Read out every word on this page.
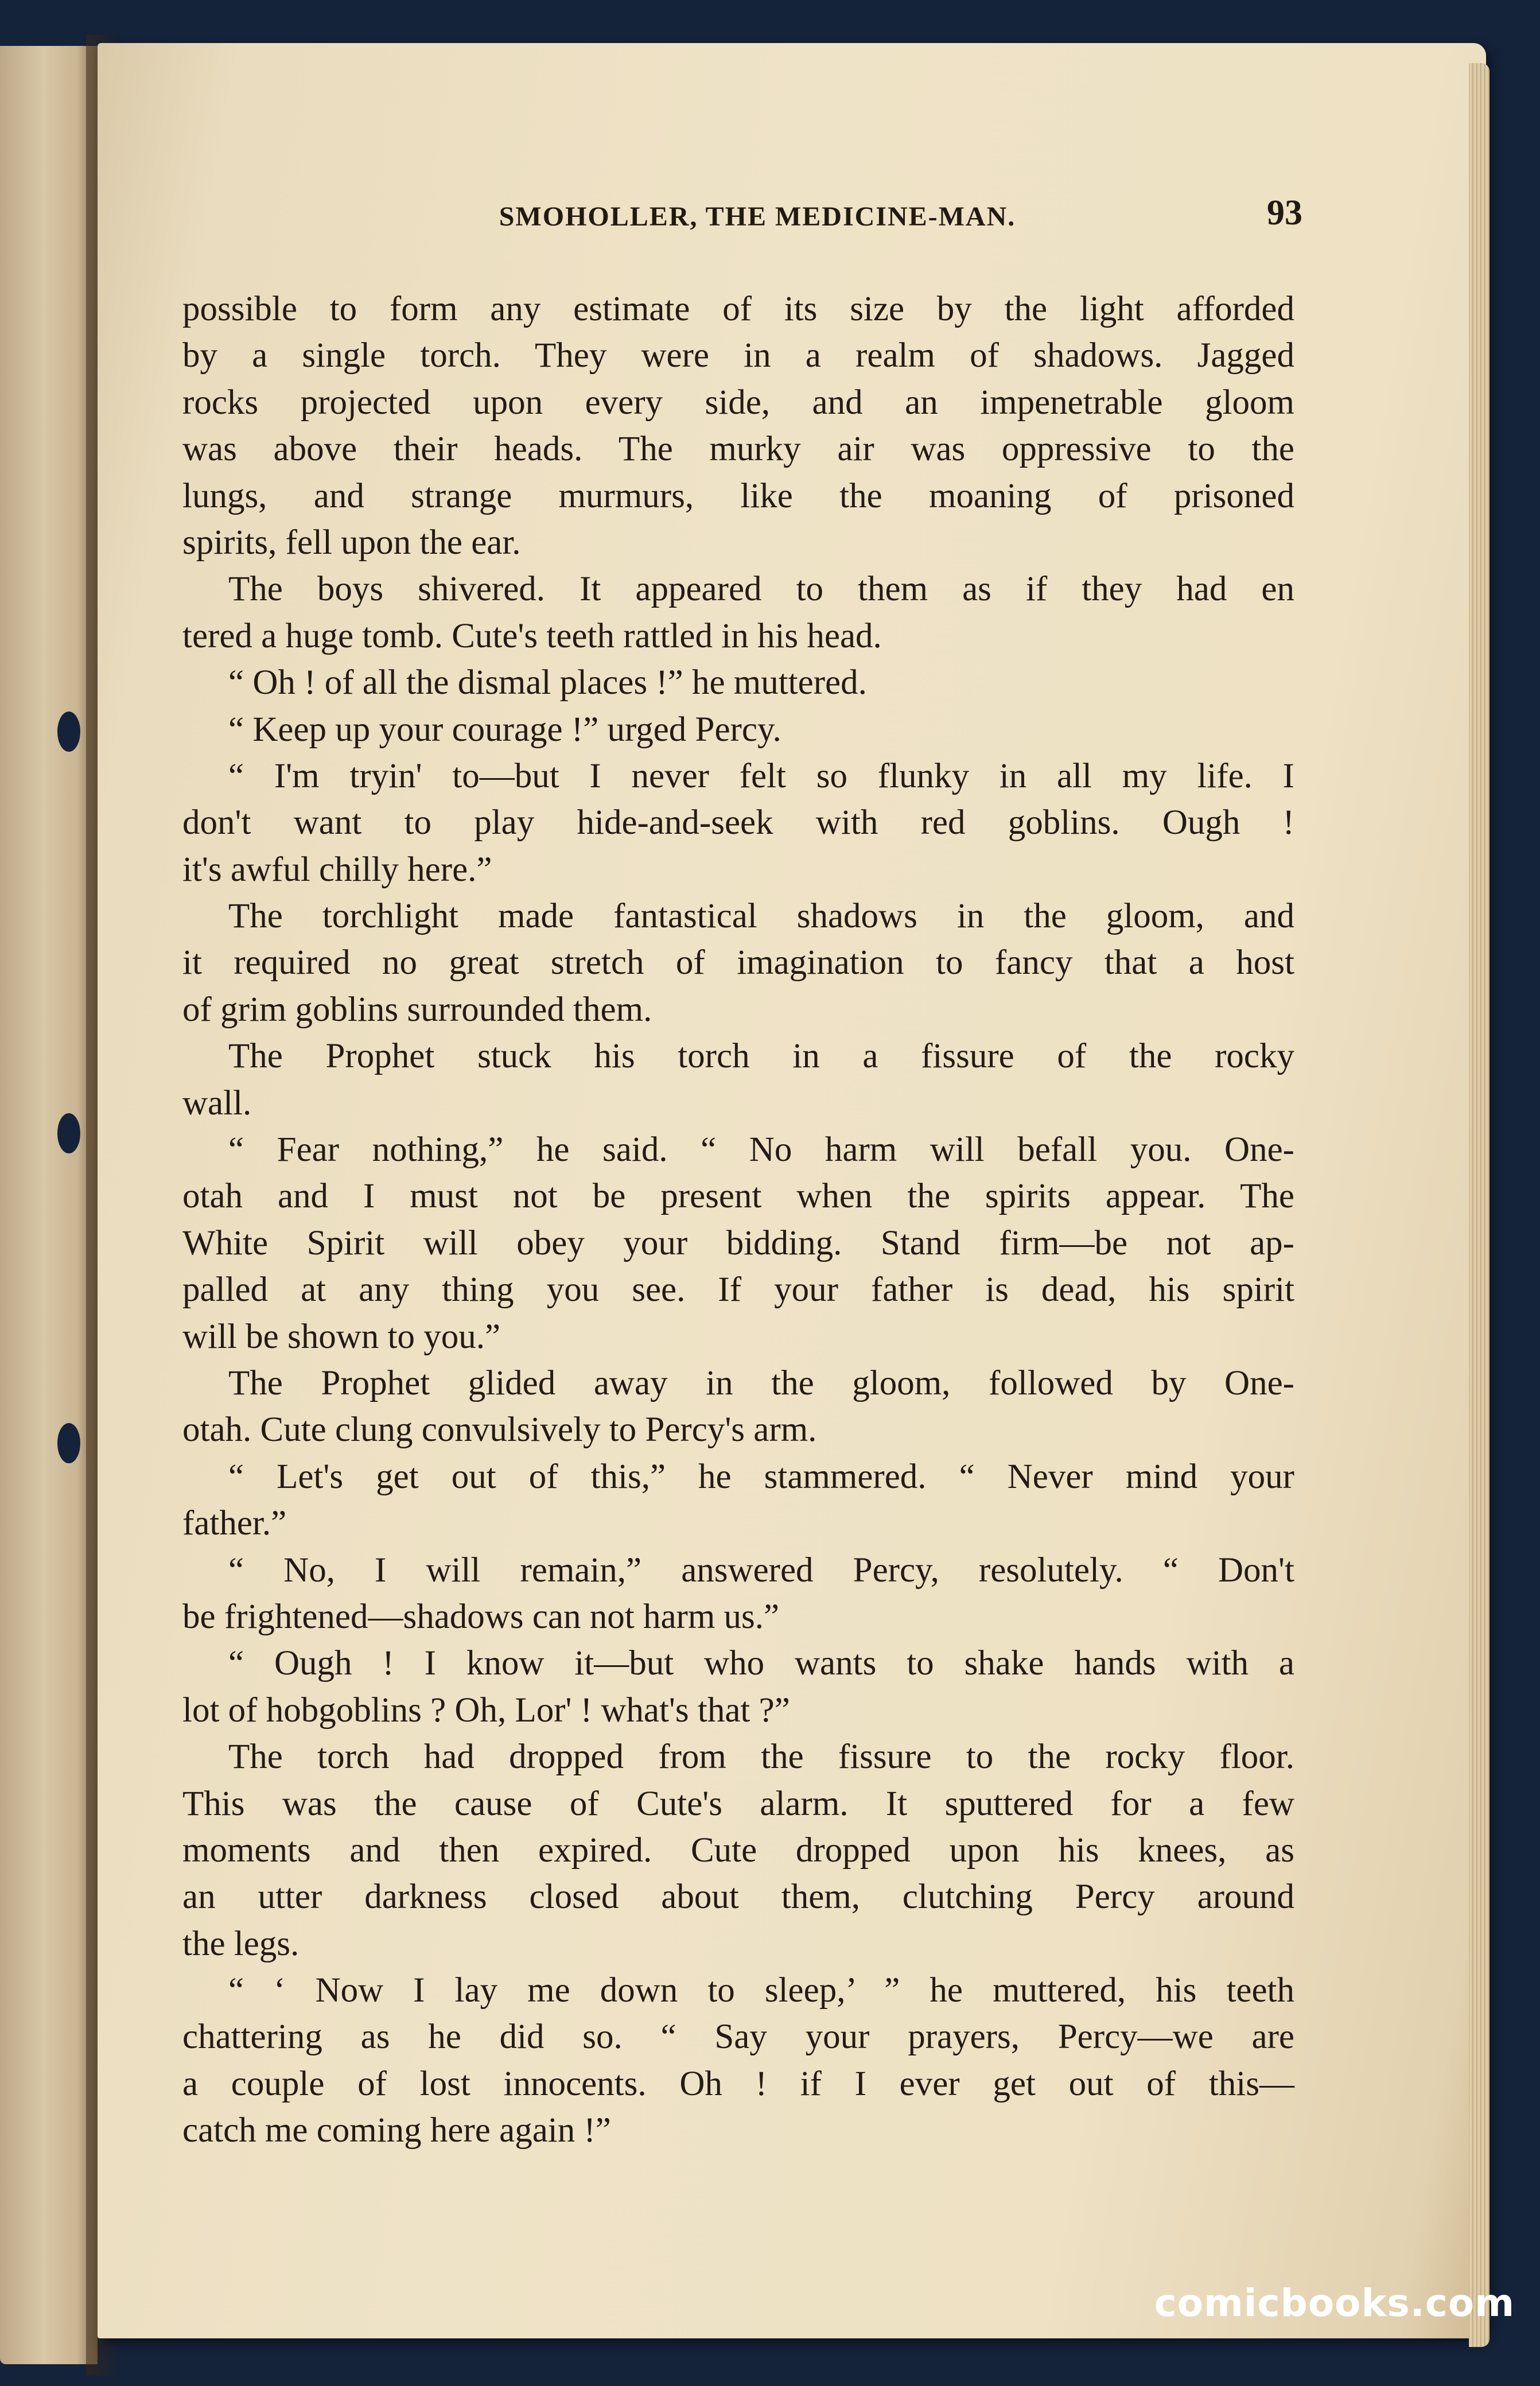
SMOHOLLER, THE MEDICINE-MAN.	93
possible to form any estimate of its size by the light afforded
by a single torch. They were in a realm of shadows. Jagged
rocks projected upon every side, and an impenetrable gloom
was above their heads. The murky air was oppressive to the
lungs, and strange murmurs, like the moaning of prisoned
spirits, fell upon the ear.
The boys shivered. It appeared to them as if they had en
tered a huge tomb. Cute's teeth rattled in his head.
“ Oh ! of all the dismal places !” he muttered.
“ Keep up your courage !” urged Percy.
“ I'm tryin' to—but I never felt so flunky in all my life. I
don't want to play hide-and-seek with red goblins. Ough !
it's awful chilly here.”
The torchlight made fantastical shadows in the gloom, and
it required no great stretch of imagination to fancy that a host
of grim goblins surrounded them.
The Prophet stuck his torch in a fissure of the rocky
wall.
“ Fear nothing,” he said. “ No harm will befall you. One-
otah and I must not be present when the spirits appear. The
White Spirit will obey your bidding. Stand firm—be not ap-
palled at any thing you see. If your father is dead, his spirit
will be shown to you.”
The Prophet glided away in the gloom, followed by One-
otah. Cute clung convulsively to Percy's arm.
“ Let's get out of this,” he stammered. “ Never mind your
father.”
“ No, I will remain,” answered Percy, resolutely. “ Don't
be frightened—shadows can not harm us.”
“ Ough ! I know it—but who wants to shake hands with a
lot of hobgoblins ? Oh, Lor' ! what's that ?”
The torch had dropped from the fissure to the rocky floor.
This was the cause of Cute's alarm. It sputtered for a few
moments and then expired. Cute dropped upon his knees, as
an utter darkness closed about them, clutching Percy around
the legs.
“ ‘ Now I lay me down to sleep,’ ” he muttered, his teeth
chattering as he did so. “ Say your prayers, Percy—we are
a couple of lost innocents. Oh ! if I ever get out of this—
catch me coming here again !”
comicbooks.com
